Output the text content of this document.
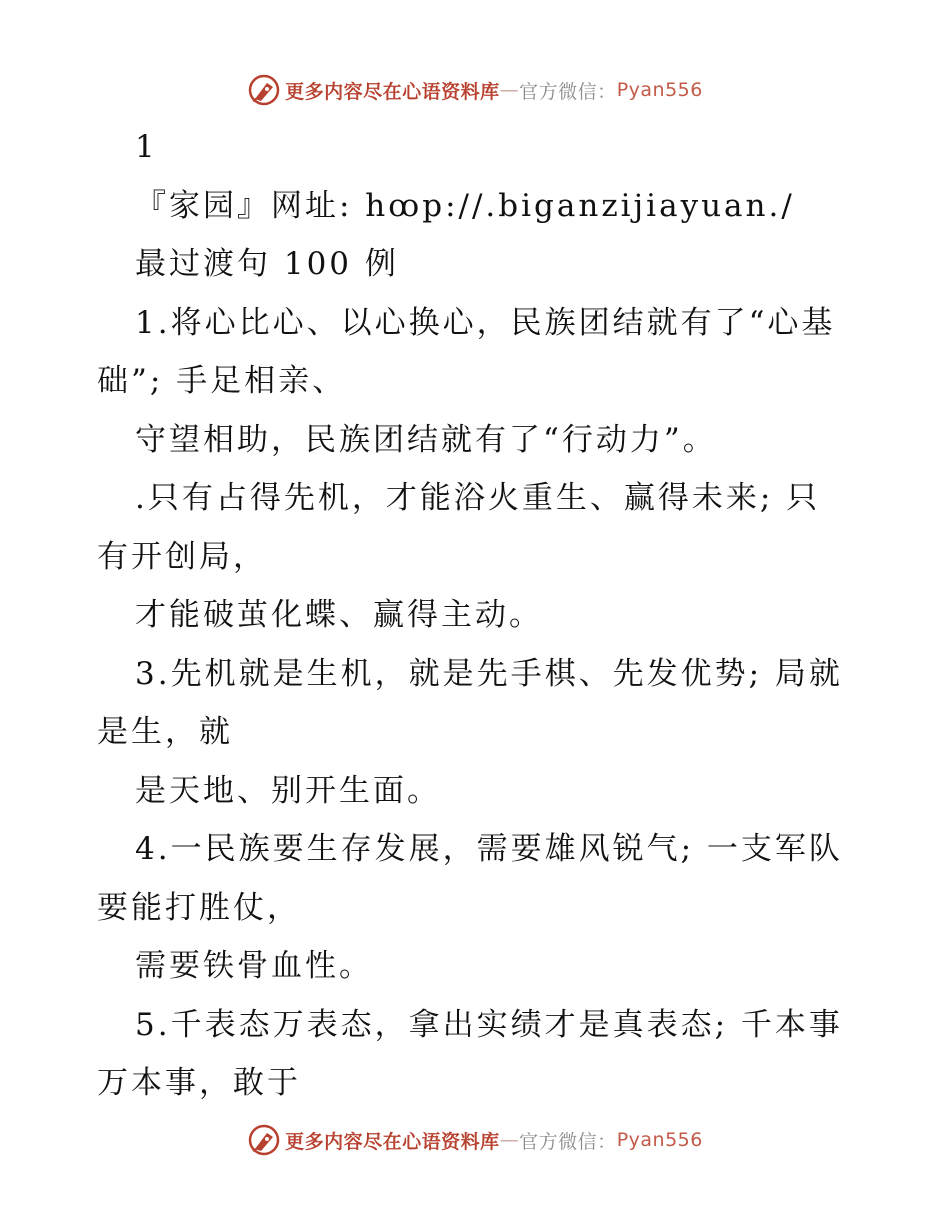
更多内容尽在心语资料库 — 官方微信： Pyan556
1
『家园』网址: h⁠ꝏp://.biganzijiayuan./
最过渡句 100 例
1.将心比心、以心换心，民族团结就有了“心基
础”; 手足相亲、
守望相助，民族团结就有了“行动力”。
.只有占得先机，才能浴火重生、赢得未来; 只
有开创局，
才能破茧化蝶、赢得主动。
3.先机就是生机，就是先手棋、先发优势; 局就
是生，就
是天地、别开生面。
4.一民族要生存发展，需要雄风锐气; 一支军队
要能打胜仗，
需要铁骨血性。
5.千表态万表态，拿出实绩才是真表态; 千本事
万本事，敢于
更多内容尽在心语资料库 — 官方微信： Pyan556
